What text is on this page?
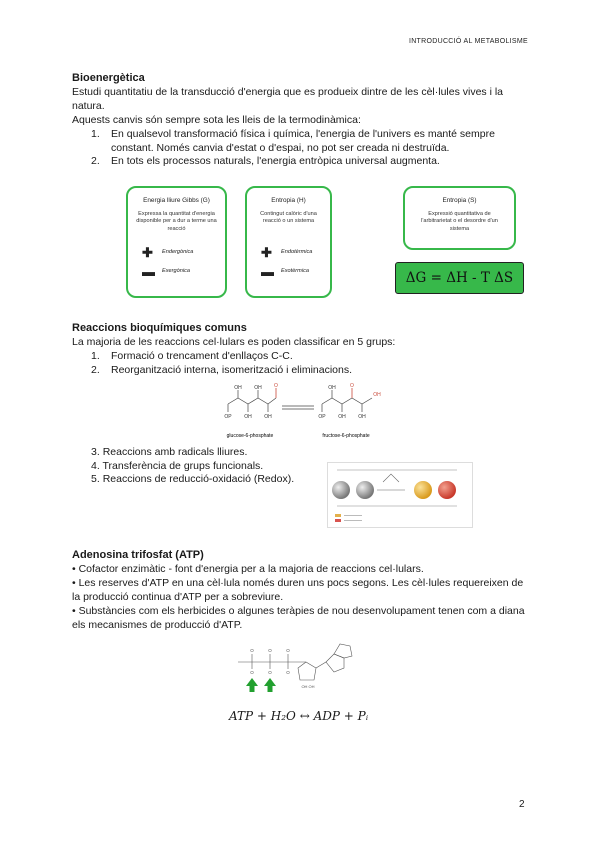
INTRODUCCIÓ AL METABOLISME
Bioenergètica
Estudi quantitatiu de la transducció d'energia que es produeix dintre de les cèl·lules vives i la natura.
Aquests canvis són sempre sota les lleis de la termodinàmica:
1. En qualsevol transformació física i química, l'energia de l'univers es manté sempre constant. Només canvia d'estat o d'espai, no pot ser creada ni destruïda.
2. En tots els processos naturals, l'energia entròpica universal augmenta.
Energia lliure Gibbs (G)
Expressa la quantitat d'energia disponible per a dur a terme una reacció
✚ Endergònica
▬ Exergònica
Entropia (H)
Contingut calòric d'una reacció o un sistema
✚ Endotèrmica
▬ Exotèrmica
Entropia (S)
Expressió quantitativa de l'arbitrarietat o el desordre d'un sistema
ΔG = ΔH - T ΔS
Reaccions bioquímiques comuns
La majoria de les reaccions cel·lulars es poden classificar en 5 grups:
1. Formació o trencament d'enllaços C-C.
2. Reorganització interna, isomerització i eliminacions.
O	O
OH	OH
OH	OH
OP
OH
OH
OP	OH
OH
glucose-6-phosphate	fructose-6-phosphate
3. Reaccions amb radicals lliures.
4. Transferència de grups funcionals.
5. Reaccions de reducció-oxidació (Redox).
Adenosina trifosfat (ATP)
• Cofactor enzimàtic - font d'energia per a la majoria de reaccions cel·lulars.
• Les reserves d'ATP en una cèl·lula només duren uns pocs segons. Les cèl·lules requereixen de la producció continua d'ATP per a sobreviure.
• Substàncies com els herbicides o algunes teràpies de nou desenvolupament tenen com a diana els mecanismes de producció d'ATP.
O	O	O
O	O	O
OH OH
ATP + H₂O ↔ ADP + Pᵢ
2
